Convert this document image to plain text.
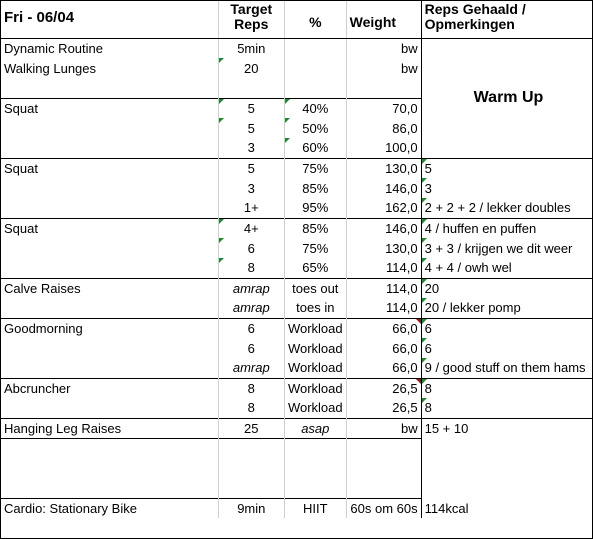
Fri - 06/04	Target Reps	%	Weight	Reps Gehaald / Opmerkingen
Dynamic Routine	5min		bw	
Walking Lunges	20		bw	

Squat	5	40%	70,0	
	5	50%	86,0	
	3	60%	100,0	
Squat	5	75%	130,0	5

	3	85%	146,0	3

	1+	95%	162,0	2 + 2 + 2 / lekker doubles

Squat	4+	85%	146,0	4 / huffen en puffen

	6	75%	130,0	3 + 3 / krijgen we dit weer

	8	65%	114,0	4 + 4 / owh wel

Calve Raises	amrap	toes out	114,0	20

	amrap	toes in	114,0	20 / lekker pomp

Goodmorning	6	Workload	66,0	6

	6	Workload	66,0	6

	amrap	Workload	66,0	9 / good stuff on them hams

Abcruncher	8	Workload	26,5	8

	8	Workload	26,5	8

Hanging Leg Raises	25	asap	bw	15 + 10

Cardio: Stationary Bike	9min	HIIT	60s om 60s	114kcal
Warm Up
